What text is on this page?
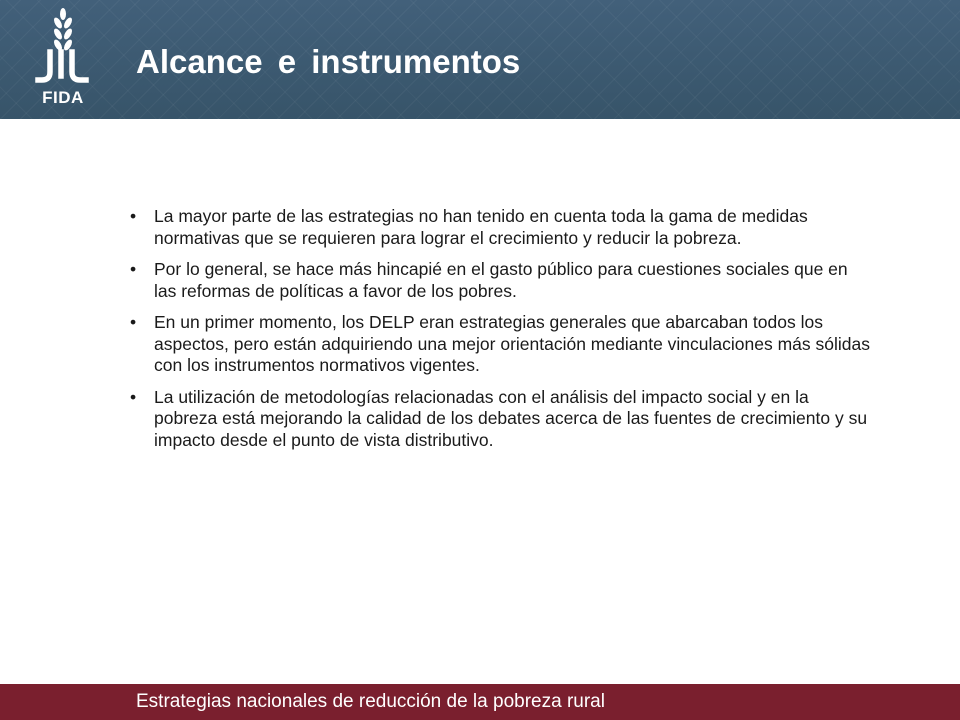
FIDA
Alcance e instrumentos
• La mayor parte de las estrategias no han tenido en cuenta toda la gama de medidas normativas que se requieren para lograr el crecimiento y reducir la pobreza.
• Por lo general, se hace más hincapié en el gasto público para cuestiones sociales que en las reformas de políticas a favor de los pobres.
• En un primer momento, los DELP eran estrategias generales que abarcaban todos los aspectos, pero están adquiriendo una mejor orientación mediante vinculaciones más sólidas con los instrumentos normativos vigentes.
• La utilización de metodologías relacionadas con el análisis del impacto social y en la pobreza está mejorando la calidad de los debates acerca de las fuentes de crecimiento y su impacto desde el punto de vista distributivo.
Estrategias nacionales de reducción de la pobreza rural
